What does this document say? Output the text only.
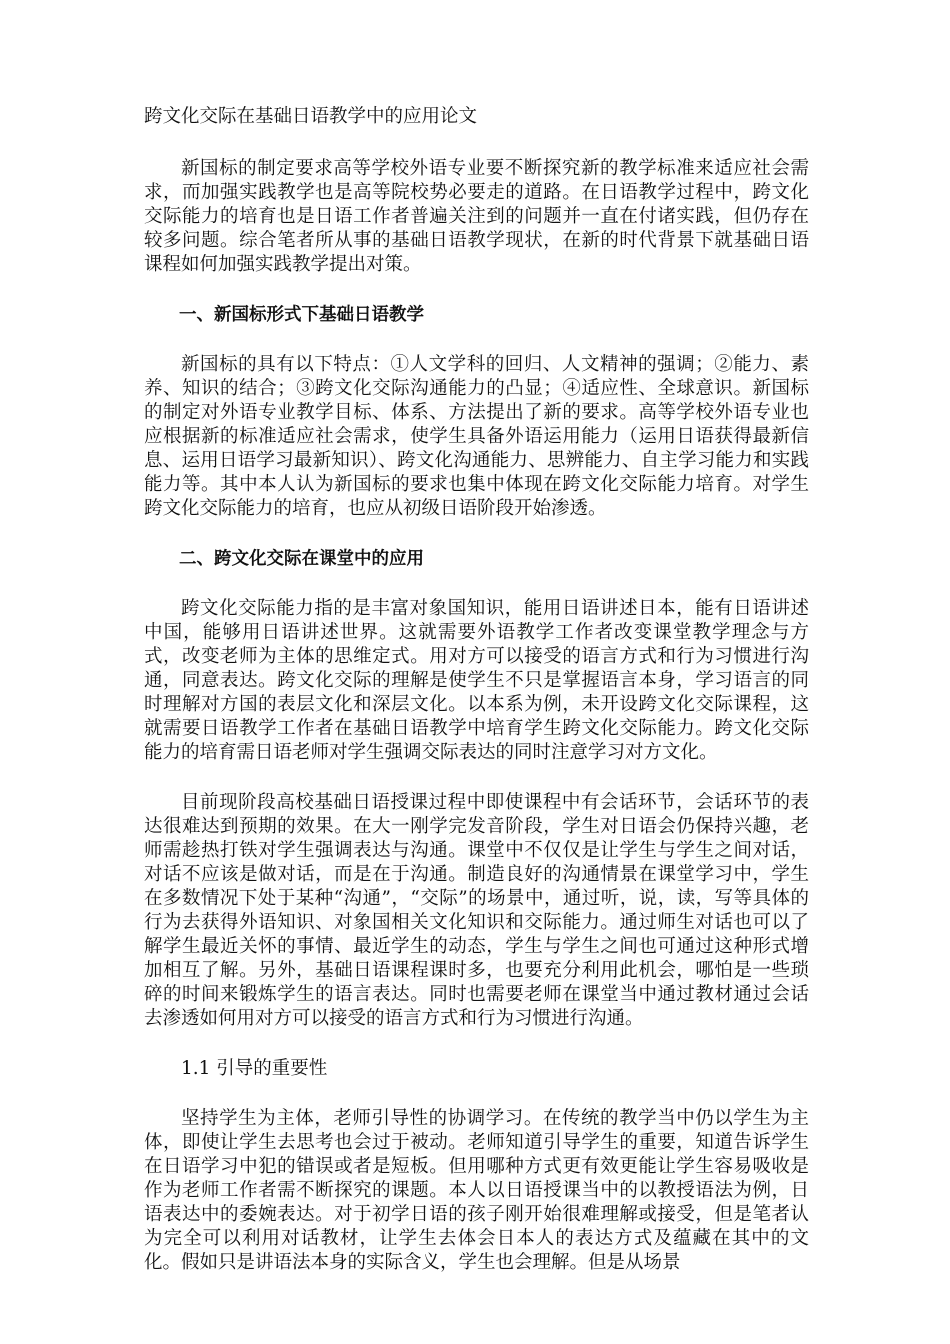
跨文化交际在基础日语教学中的应用论文

新国标的制定要求高等学校外语专业要不断探究新的教学标准来适应社会需求，而加强实践教学也是高等院校势必要走的道路。在日语教学过程中，跨文化交际能力的培育也是日语工作者普遍关注到的问题并一直在付诸实践，但仍存在较多问题。综合笔者所从事的基础日语教学现状，在新的时代背景下就基础日语课程如何加强实践教学提出对策。

一、新国标形式下基础日语教学

新国标的具有以下特点：①人文学科的回归、人文精神的强调；②能力、素养、知识的结合；③跨文化交际沟通能力的凸显；④适应性、全球意识。新国标的制定对外语专业教学目标、体系、方法提出了新的要求。高等学校外语专业也应根据新的标准适应社会需求，使学生具备外语运用能力（运用日语获得最新信息、运用日语学习最新知识）、跨文化沟通能力、思辨能力、自主学习能力和实践能力等。其中本人认为新国标的要求也集中体现在跨文化交际能力培育。对学生跨文化交际能力的培育，也应从初级日语阶段开始渗透。

二、跨文化交际在课堂中的应用

跨文化交际能力指的是丰富对象国知识，能用日语讲述日本，能有日语讲述中国，能够用日语讲述世界。这就需要外语教学工作者改变课堂教学理念与方式，改变老师为主体的思维定式。用对方可以接受的语言方式和行为习惯进行沟通，同意表达。跨文化交际的理解是使学生不只是掌握语言本身，学习语言的同时理解对方国的表层文化和深层文化。以本系为例，未开设跨文化交际课程，这就需要日语教学工作者在基础日语教学中培育学生跨文化交际能力。跨文化交际能力的培育需日语老师对学生强调交际表达的同时注意学习对方文化。

目前现阶段高校基础日语授课过程中即使课程中有会话环节，会话环节的表达很难达到预期的效果。在大一刚学完发音阶段，学生对日语会仍保持兴趣，老师需趁热打铁对学生强调表达与沟通。课堂中不仅仅是让学生与学生之间对话，对话不应该是做对话，而是在于沟通。制造良好的沟通情景在课堂学习中，学生在多数情况下处于某种“沟通”，“交际”的场景中，通过听，说，读，写等具体的行为去获得外语知识、对象国相关文化知识和交际能力。通过师生对话也可以了解学生最近关怀的事情、最近学生的动态，学生与学生之间也可通过这种形式增加相互了解。另外，基础日语课程课时多，也要充分利用此机会，哪怕是一些琐碎的时间来锻炼学生的语言表达。同时也需要老师在课堂当中通过教材通过会话去渗透如何用对方可以接受的语言方式和行为习惯进行沟通。

1.1 引导的重要性

坚持学生为主体，老师引导性的协调学习。在传统的教学当中仍以学生为主体，即使让学生去思考也会过于被动。老师知道引导学生的重要，知道告诉学生在日语学习中犯的错误或者是短板。但用哪种方式更有效更能让学生容易吸收是作为老师工作者需不断探究的课题。本人以日语授课当中的以教授语法为例，日语表达中的委婉表达。对于初学日语的孩子刚开始很难理解或接受，但是笔者认为完全可以利用对话教材，让学生去体会日本人的表达方式及蕴藏在其中的文化。假如只是讲语法本身的实际含义，学生也会理解。但是从场景
